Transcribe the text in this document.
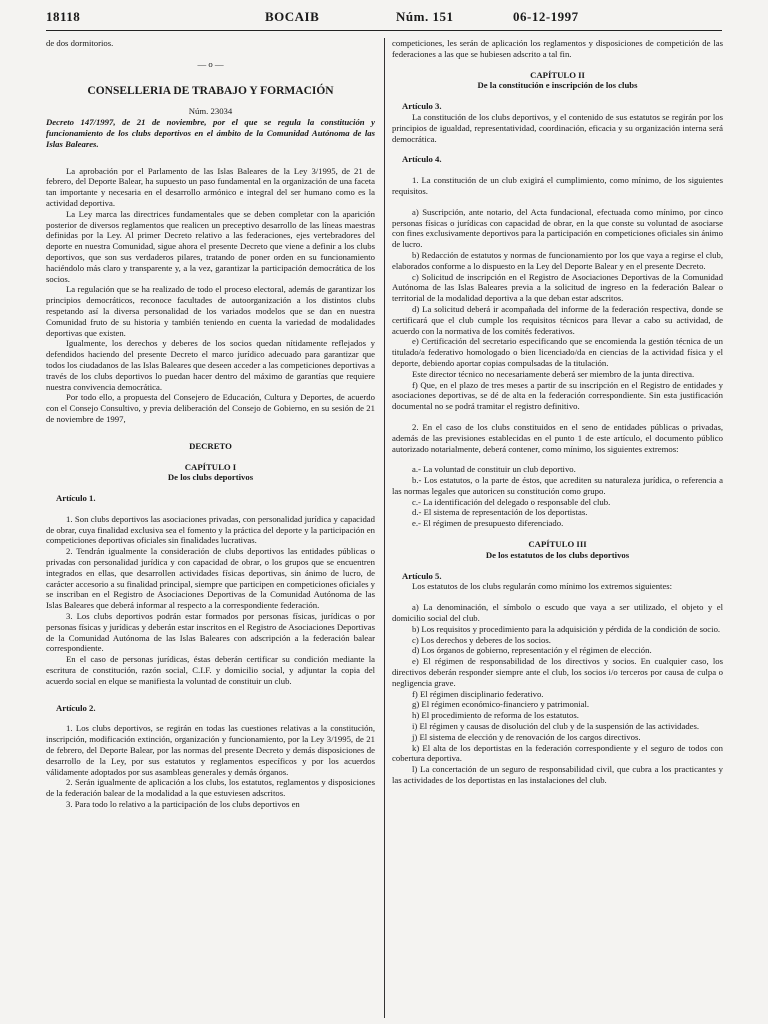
18118	BOCAIB	Núm. 151	06-12-1997

de dos dormitorios.

— o —

CONSELLERIA DE TRABAJO Y FORMACIÓN

Núm. 23034

Decreto 147/1997, de 21 de noviembre, por el que se regula la constitución y funcionamiento de los clubs deportivos en el ámbito de la Comunidad Autónoma de las Islas Baleares.

La aprobación por el Parlamento de las Islas Baleares de la Ley 3/1995, de 21 de febrero, del Deporte Balear, ha supuesto un paso fundamental en la organización de una faceta tan importante y necesaria en el desarrollo armónico e integral del ser humano como es la actividad deportiva.

La Ley marca las directrices fundamentales que se deben completar con la aparición posterior de diversos reglamentos que realicen un preceptivo desarrollo de las líneas maestras definidas por la Ley. Al primer Decreto relativo a las federaciones, ejes vertebradores del deporte en nuestra Comunidad, sigue ahora el presente Decreto que viene a definir a los clubs deportivos, que son sus verdaderos pilares, tratando de poner orden en su funcionamiento haciéndolo más claro y transparente y, a la vez, garantizar la participación democrática de los socios.

La regulación que se ha realizado de todo el proceso electoral, además de garantizar los principios democráticos, reconoce facultades de autoorganización a los distintos clubs respetando así la diversa personalidad de los variados modelos que se dan en nuestra Comunidad fruto de su historia y también teniendo en cuenta la variedad de modalidades deportivas que existen.

Igualmente, los derechos y deberes de los socios quedan nítidamente reflejados y defendidos haciendo del presente Decreto el marco jurídico adecuado para garantizar que todos los ciudadanos de las Islas Baleares que deseen acceder a las competiciones deportivas a través de los clubs deportivos lo puedan hacer dentro del máximo de garantías que requiere nuestra convivencia democrática.

Por todo ello, a propuesta del Consejero de Educación, Cultura y Deportes, de acuerdo con el Consejo Consultivo, y previa deliberación del Consejo de Gobierno, en su sesión de 21 de noviembre de 1997,

DECRETO

CAPÍTULO I

De los clubs deportivos

Artículo 1.

1. Son clubs deportivos las asociaciones privadas, con personalidad jurídica y capacidad de obrar, cuya finalidad exclusiva sea el fomento y la práctica del deporte y la participación en competiciones deportivas oficiales sin finalidades lucrativas.

2. Tendrán igualmente la consideración de clubs deportivos las entidades públicas o privadas con personalidad jurídica y con capacidad de obrar, o los grupos que se encuentren integrados en ellas, que desarrollen actividades físicas deportivas, sin ánimo de lucro, de carácter accesorio a su finalidad principal, siempre que participen en competiciones oficiales y se inscriban en el Registro de Asociaciones Deportivas de la Comunidad Autónoma de las Islas Baleares que deberá informar al respecto a la correspondiente federación.

3. Los clubs deportivos podrán estar formados por personas físicas, jurídicas o por personas físicas y jurídicas y deberán estar inscritos en el Registro de Asociaciones Deportivas de la Comunidad Autónoma de las Islas Baleares con adscripción a la federación balear correspondiente.

En el caso de personas jurídicas, éstas deberán certificar su condición mediante la escritura de constitución, razón social, C.I.F. y domicilio social, y adjuntar la copia del acuerdo social en elque se manifiesta la voluntad de constituir un club.

Artículo 2.

1. Los clubs deportivos, se regirán en todas las cuestiones relativas a la constitución, inscripción, modificación extinción, organización y funcionamiento, por la Ley 3/1995, de 21 de febrero, del Deporte Balear, por las normas del presente Decreto y demás disposiciones de desarrollo de la Ley, por sus estatutos y reglamentos específicos y por los acuerdos válidamente adoptados por sus asambleas generales y demás órganos.

2. Serán igualmente de aplicación a los clubs, los estatutos, reglamentos y disposiciones de la federación balear de la modalidad a la que estuviesen adscritos.

3. Para todo lo relativo a la participación de los clubs deportivos en

competiciones, les serán de aplicación los reglamentos y disposiciones de competición de las federaciones a las que se hubiesen adscrito a tal fin.

CAPÍTULO II

De la constitución e inscripción de los clubs

Artículo 3.

La constitución de los clubs deportivos, y el contenido de sus estatutos se regirán por los principios de igualdad, representatividad, coordinación, eficacia y su organización interna será democrática.

Artículo 4.

1. La constitución de un club exigirá el cumplimiento, como mínimo, de los siguientes requisitos.

a) Suscripción, ante notario, del Acta fundacional, efectuada como mínimo, por cinco personas físicas o jurídicas con capacidad de obrar, en la que conste su voluntad de asociarse con fines exclusivamente deportivos para la participación en competiciones oficiales sin ánimo de lucro.

b) Redacción de estatutos y normas de funcionamiento por los que vaya a regirse el club, elaborados conforme a lo dispuesto en la Ley del Deporte Balear y en el presente Decreto.

c) Solicitud de inscripción en el Registro de Asociaciones Deportivas de la Comunidad Autónoma de las Islas Baleares previa a la solicitud de ingreso en la federación Balear o territorial de la modalidad deportiva a la que deban estar adscritos.

d) La solicitud deberá ir acompañada del informe de la federación respectiva, donde se certificará que el club cumple los requisitos técnicos para llevar a cabo su actividad, de acuerdo con la normativa de los comités federativos.

e) Certificación del secretario especificando que se encomienda la gestión técnica de un titulado/a federativo homologado o bien licenciado/da en ciencias de la actividad física y el deporte, debiendo aportar copias compulsadas de la titulación.

Este director técnico no necesariamente deberá ser miembro de la junta directiva.

f) Que, en el plazo de tres meses a partir de su inscripción en el Registro de entidades y asociaciones deportivas, se dé de alta en la federación correspondiente. Sin esta justificación documental no se podrá tramitar el registro definitivo.

2. En el caso de los clubs constituidos en el seno de entidades públicas o privadas, además de las previsiones establecidas en el punto 1 de este artículo, el documento público autorizado notarialmente, deberá contener, como mínimo, los siguientes extremos:

a.- La voluntad de constituir un club deportivo.

b.- Los estatutos, o la parte de éstos, que acrediten su naturaleza jurídica, o referencia a las normas legales que autoricen su constitución como grupo.

c.- La identificación del delegado o responsable del club.

d.- El sistema de representación de los deportistas.

e.- El régimen de presupuesto diferenciado.

CAPÍTULO III

De los estatutos de los clubs deportivos

Artículo 5.

Los estatutos de los clubs regularán como mínimo los extremos siguientes:

a) La denominación, el símbolo o escudo que vaya a ser utilizado, el objeto y el domicilio social del club.

b) Los requisitos y procedimiento para la adquisición y pérdida de la condición de socio.

c) Los derechos y deberes de los socios.

d) Los órganos de gobierno, representación y el régimen de elección.

e) El régimen de responsabilidad de los directivos y socios. En cualquier caso, los directivos deberán responder siempre ante el club, los socios i/o terceros por causa de culpa o negligencia grave.

f) El régimen disciplinario federativo.

g) El régimen económico-financiero y patrimonial.

h) El procedimiento de reforma de los estatutos.

i) El régimen y causas de disolución del club y de la suspensión de las actividades.

j) El sistema de elección y de renovación de los cargos directivos.

k) El alta de los deportistas en la federación correspondiente y el seguro de todos con cobertura deportiva.

l) La concertación de un seguro de responsabilidad civil, que cubra a los practicantes y las actividades de los deportistas en las instalaciones del club.
